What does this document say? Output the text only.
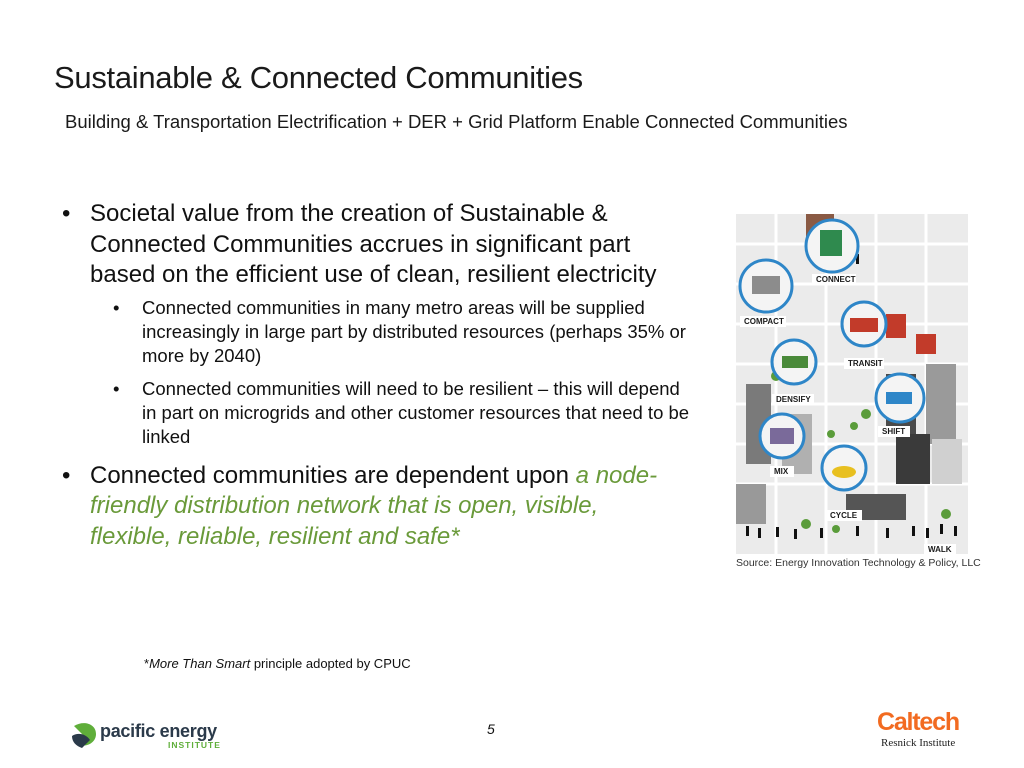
Sustainable & Connected Communities
Building & Transportation Electrification + DER + Grid Platform Enable Connected Communities
• Societal value from the creation of Sustainable & Connected Communities accrues in significant part based on the efficient use of clean, resilient electricity
• Connected communities in many metro areas will be supplied increasingly in large part by distributed resources (perhaps 35% or more by 2040)
• Connected communities will need to be resilient – this will depend in part on microgrids and other customer resources that need to be linked
• Connected communities are dependent upon a node-friendly distribution network that is open, visible, flexible, reliable, resilient and safe*
*More Than Smart principle adopted by CPUC
CONNECT
COMPACT
TRANSIT
DENSIFY
SHIFT
MIX
CYCLE
WALK
Source: Energy Innovation Technology & Policy, LLC
pacific energy
INSTITUTE
5	Caltech
Resnick Institute
